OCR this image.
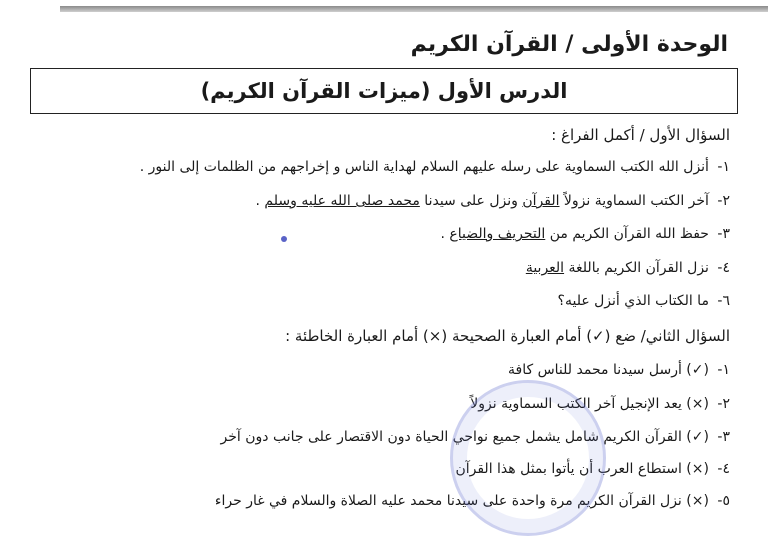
الوحدة الأولى / القرآن الكريم
الدرس الأول (ميزات القرآن الكريم)
السؤال الأول / أكمل الفراغ :
١- أنزل الله الكتب السماوية على رسله عليهم السلام لهداية الناس و إخراجهم من الظلمات إلى النور .
٢- آخر الكتب السماوية نزولاً القرآن ونزل على سيدنا محمد صلى الله عليه وسلم .
٣- حفظ الله القرآن الكريم من التحريف والضياع .
٤- نزل القرآن الكريم باللغة العربية
٦- ما الكتاب الذي أنزل عليه؟
السؤال الثاني/ ضع (✓) أمام العبارة الصحيحة (×) أمام العبارة الخاطئة :
١- (✓) أرسل سيدنا محمد للناس كافة
٢- (×) يعد الإنجيل آخر الكتب السماوية نزولاً
٣- (✓) القرآن الكريم شامل يشمل جميع نواحي الحياة دون الاقتصار على جانب دون آخر
٤- (×) استطاع العرب أن يأتوا بمثل هذا القرآن
٥- (×) نزل القرآن الكريم مرة واحدة على سيدنا محمد عليه الصلاة والسلام في غار حراء
